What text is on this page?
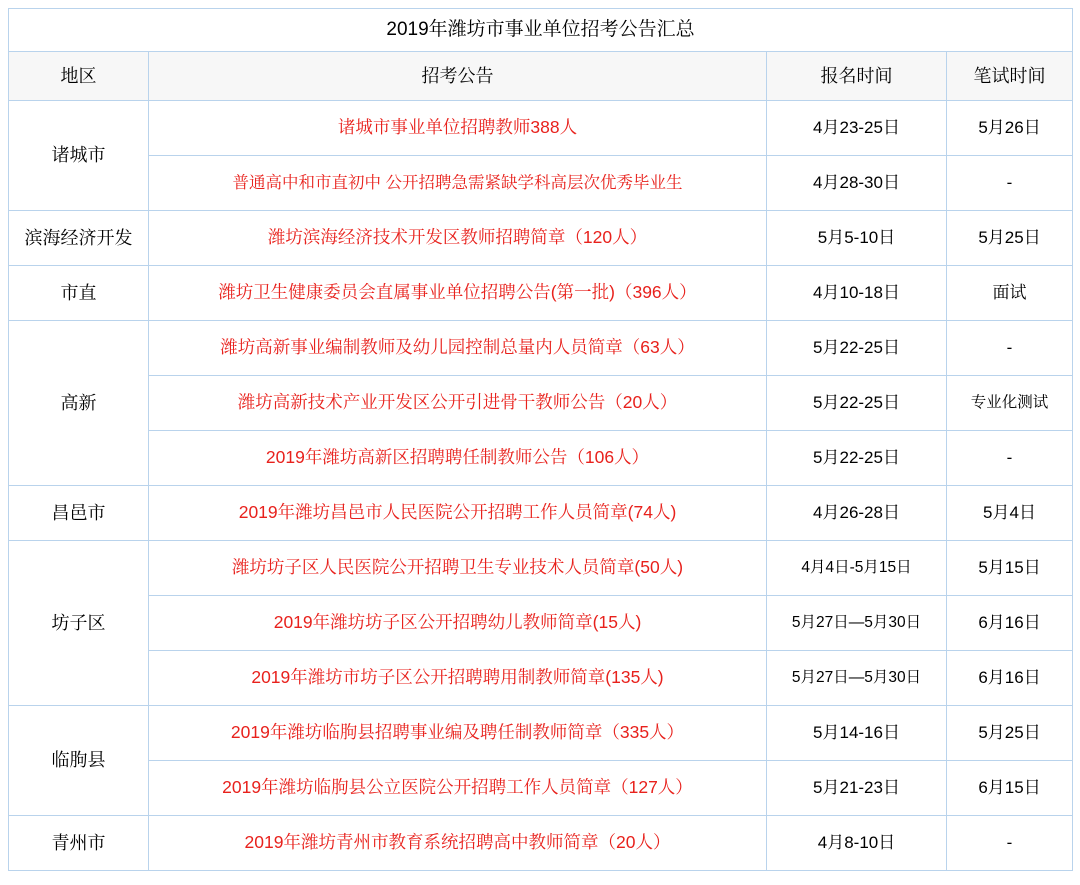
2019年潍坊市事业单位招考公告汇总			
地区	招考公告	报名时间	笔试时间
诸城市	诸城市事业单位招聘教师388人	4月23-25日	5月26日
	普通高中和市直初中 公开招聘急需紧缺学科高层次优秀毕业生	4月28-30日	-
滨海经济开发	潍坊滨海经济技术开发区教师招聘简章（120人）	5月5-10日	5月25日
市直	潍坊卫生健康委员会直属事业单位招聘公告(第一批)（396人）	4月10-18日	面试
高新	潍坊高新事业编制教师及幼儿园控制总量内人员简章（63人）	5月22-25日	-
	潍坊高新技术产业开发区公开引进骨干教师公告（20人）	5月22-25日	专业化测试
	2019年潍坊高新区招聘聘任制教师公告（106人）	5月22-25日	-
昌邑市	2019年潍坊昌邑市人民医院公开招聘工作人员简章(74人)	4月26-28日	5月4日
坊子区	潍坊坊子区人民医院公开招聘卫生专业技术人员简章(50人)	4月4日-5月15日	5月15日
	2019年潍坊坊子区公开招聘幼儿教师简章(15人)	5月27日—5月30日	6月16日
	2019年潍坊市坊子区公开招聘聘用制教师简章(135人)	5月27日—5月30日	6月16日
临朐县	2019年潍坊临朐县招聘事业编及聘任制教师简章（335人）	5月14-16日	5月25日
	2019年潍坊临朐县公立医院公开招聘工作人员简章（127人）	5月21-23日	6月15日
青州市	2019年潍坊青州市教育系统招聘高中教师简章（20人）	4月8-10日	-
